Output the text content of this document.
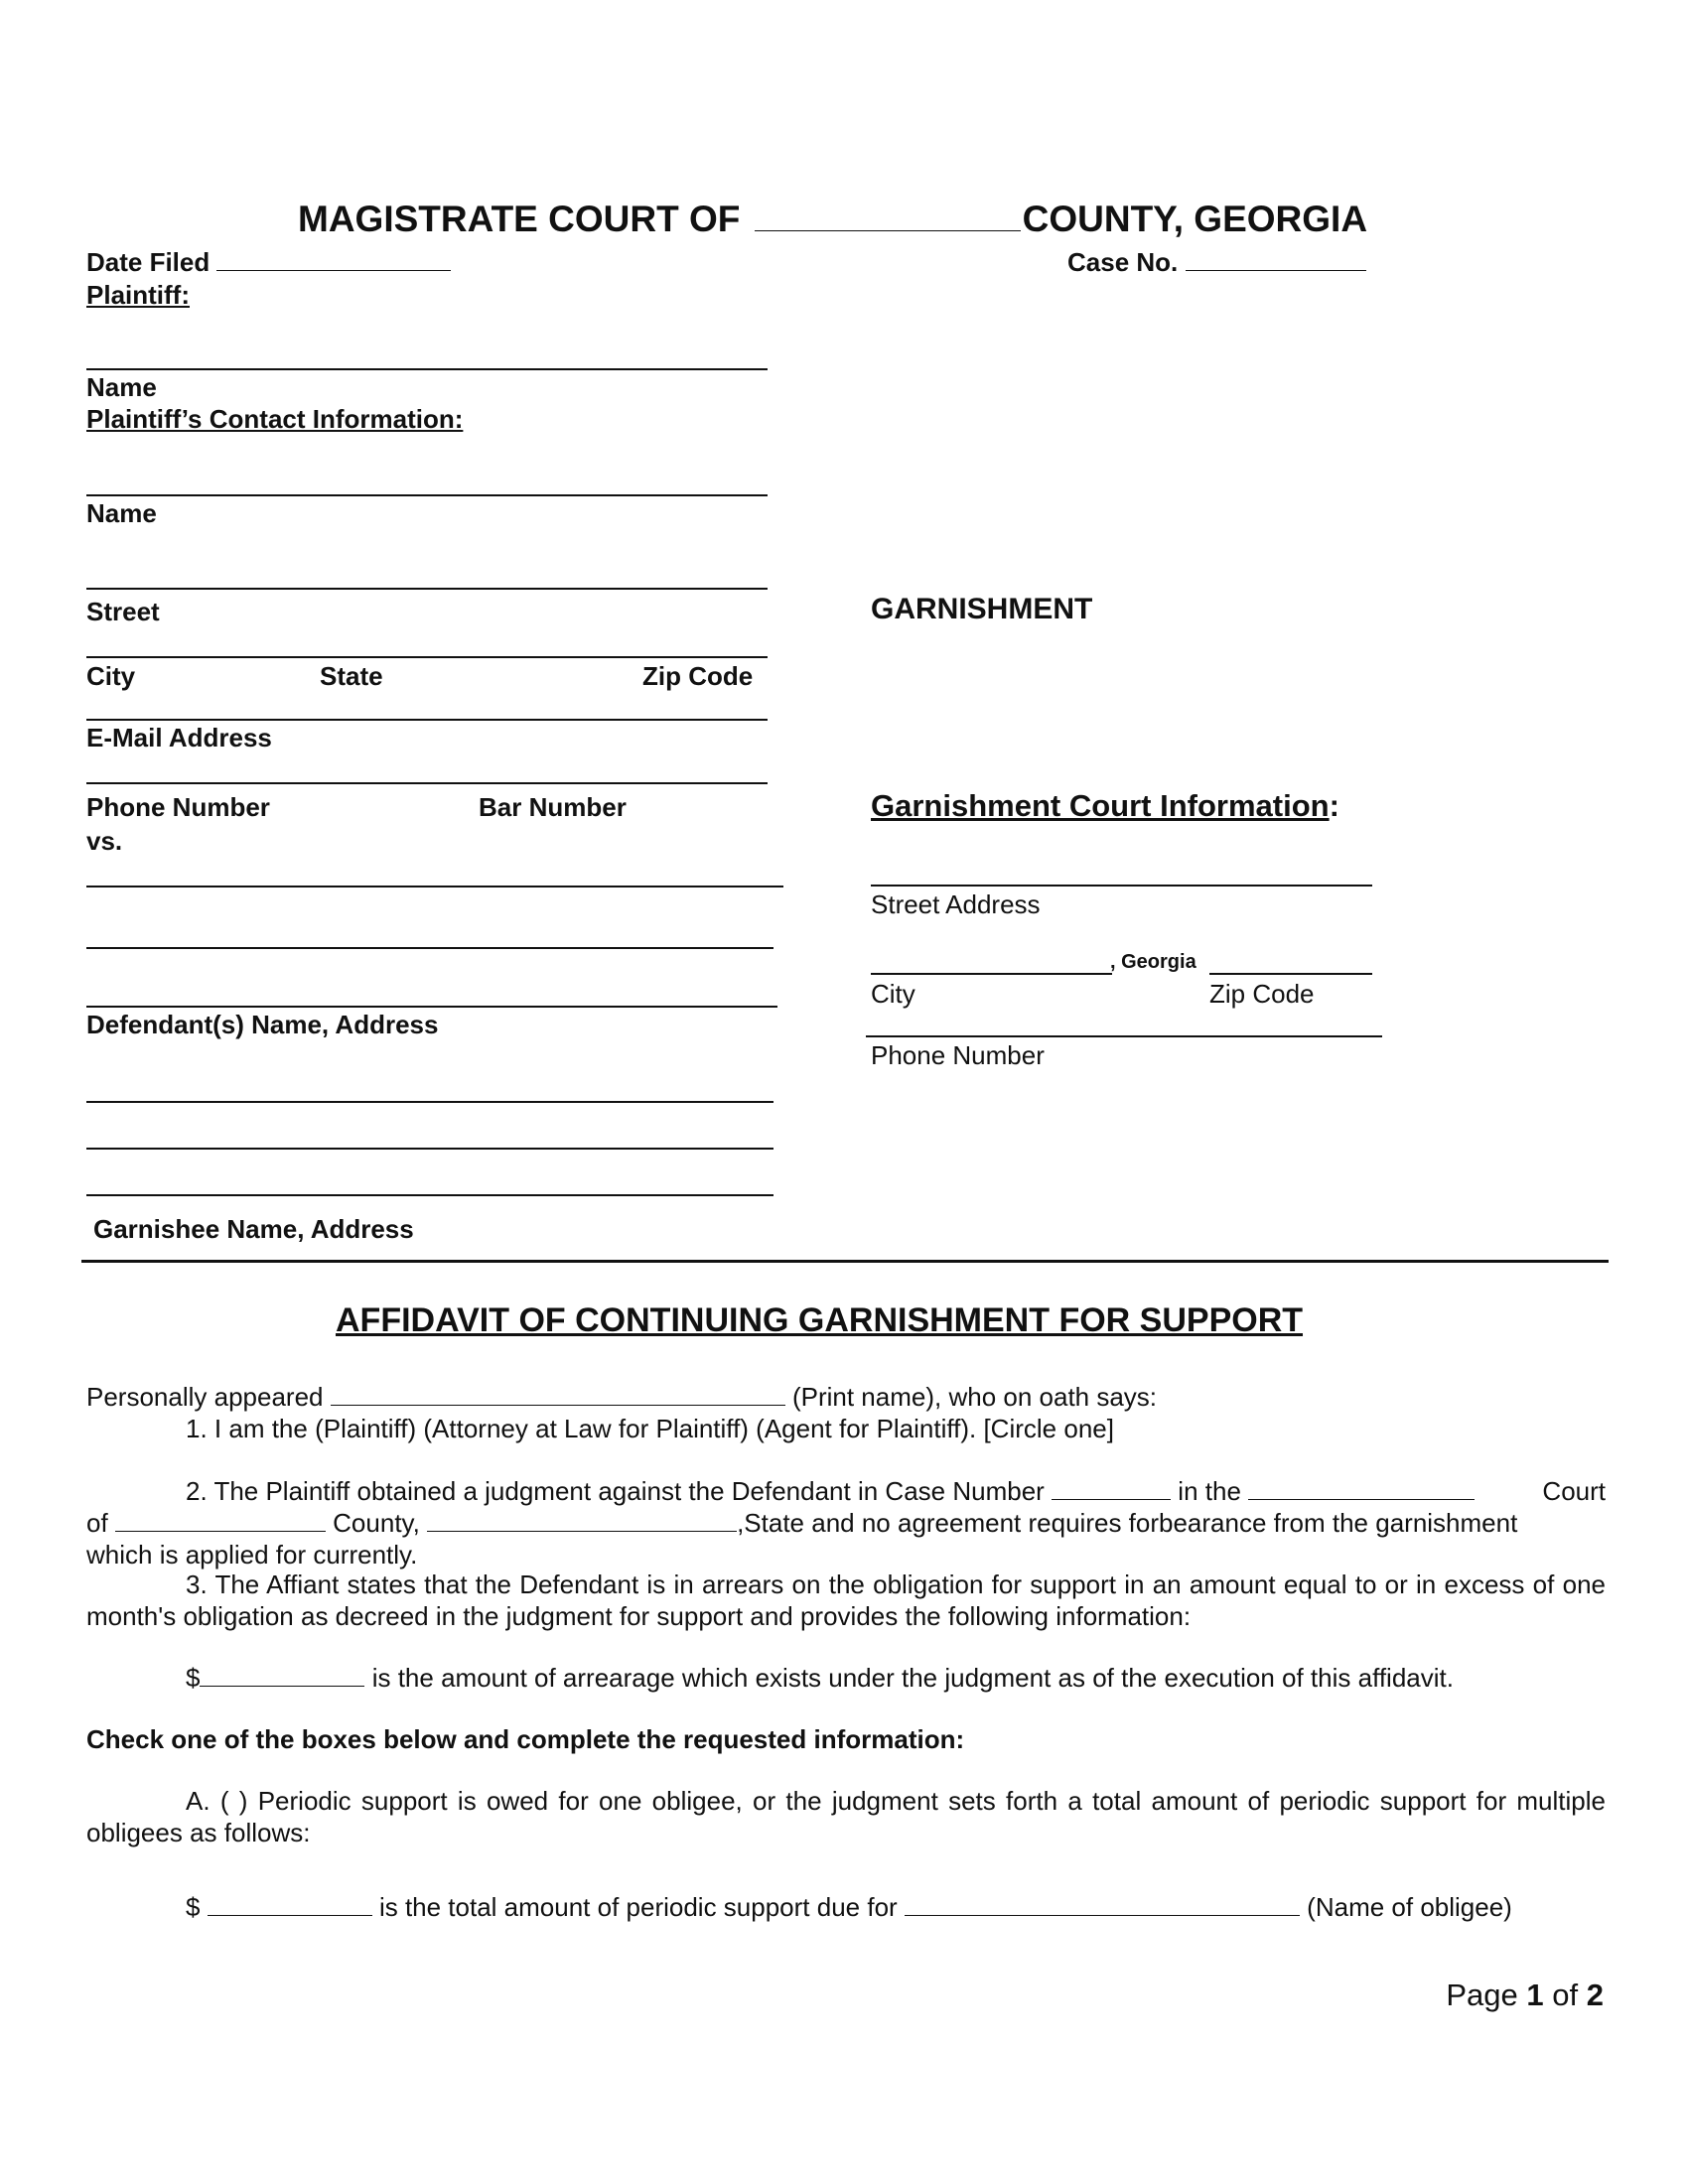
MAGISTRATE COURT OF	COUNTY, GEORGIA
Date Filed	Case No.
Plaintiff:
Name
Plaintiff’s Contact Information:
Name
Street
City	State	Zip Code
E-Mail Address
Phone Number	Bar Number
vs.
Defendant(s) Name, Address
Garnishee Name, Address
GARNISHMENT
Garnishment Court Information:
Street Address
, Georgia
City	Zip Code
Phone Number
AFFIDAVIT OF CONTINUING GARNISHMENT FOR SUPPORT
Personally appeared	(Print name), who on oath says:
1. I am the (Plaintiff) (Attorney at Law for Plaintiff) (Agent for Plaintiff). [Circle one]
2. The Plaintiff obtained a judgment against the Defendant in Case Number	in the	Court
of	County,	,State and no agreement requires forbearance from the garnishment
which is applied for currently.
3. The Affiant states that the Defendant is in arrears on the obligation for support in an amount equal to or in excess of one month's obligation as decreed in the judgment for support and provides the following information:
$	is the amount of arrearage which exists under the judgment as of the execution of this affidavit.
Check one of the boxes below and complete the requested information:
A. ( ) Periodic support is owed for one obligee, or the judgment sets forth a total amount of periodic support for multiple obligees as follows:
$	is the total amount of periodic support due for	(Name of obligee)
Page 1 of 2
